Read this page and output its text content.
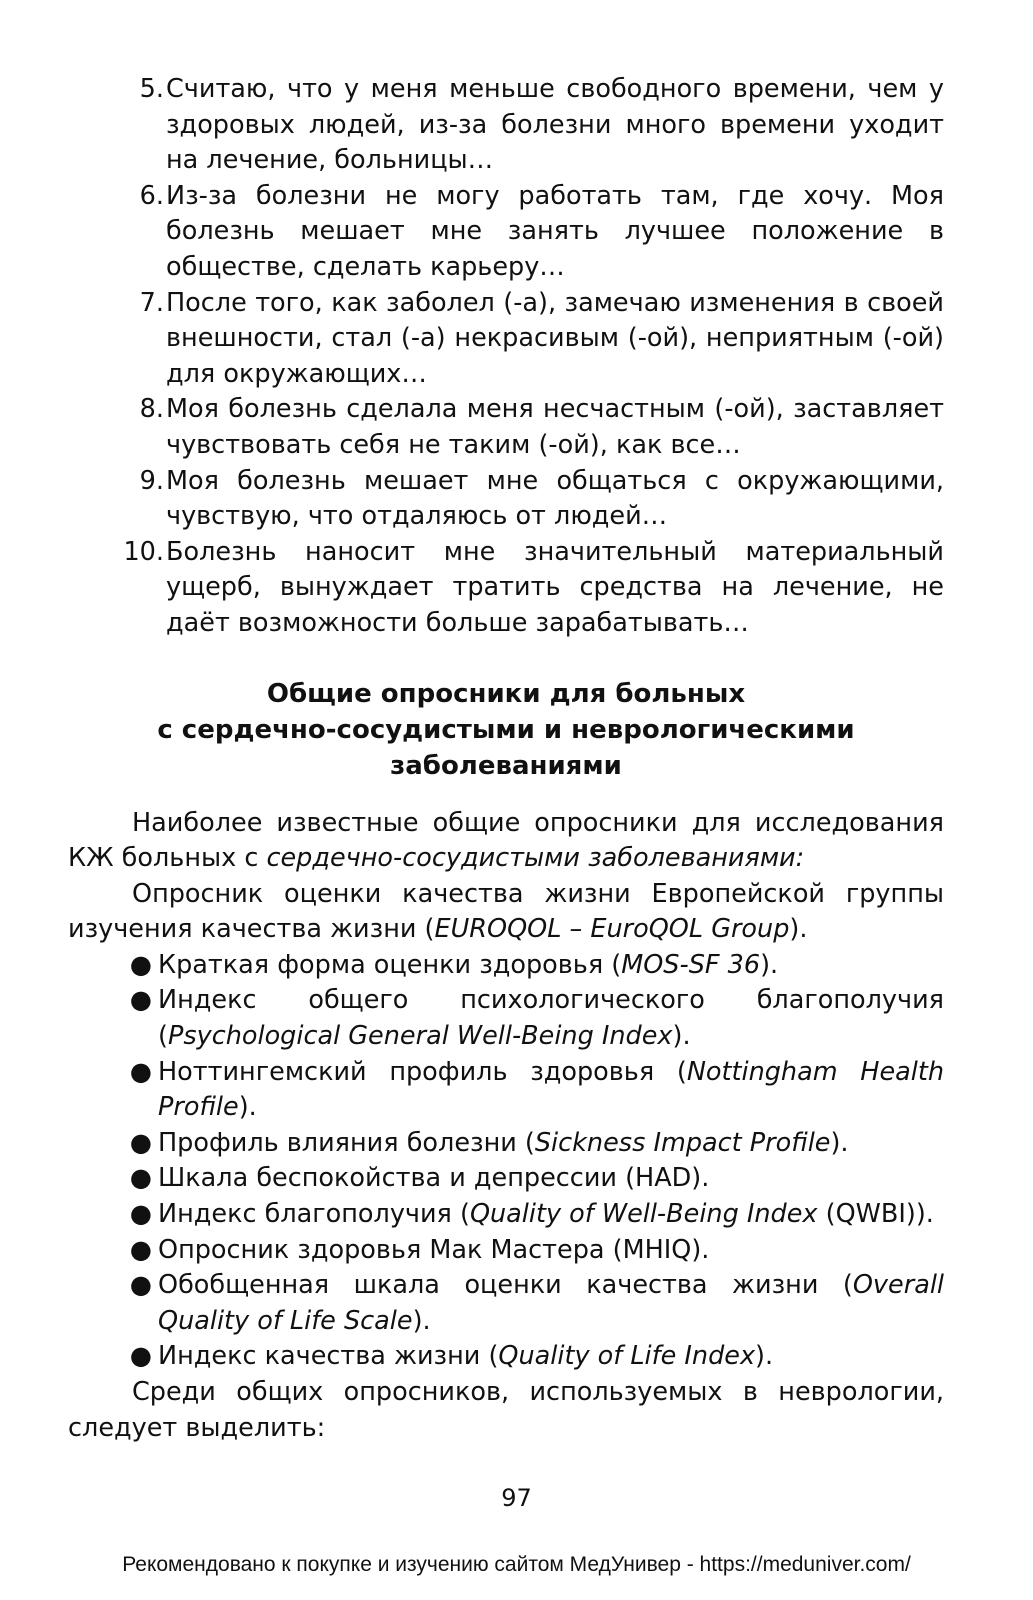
5. Считаю, что у меня меньше свободного времени, чем у здоровых людей, из-за болезни много времени уходит на лечение, больницы…
6. Из-за болезни не могу работать там, где хочу. Моя болезнь мешает мне занять лучшее положение в обществе, сделать карьеру…
7. После того, как заболел (-а), замечаю изменения в своей внешности, стал (-а) некрасивым (-ой), неприятным (-ой) для окружающих…
8. Моя болезнь сделала меня несчастным (-ой), заставляет чувствовать себя не таким (-ой), как все…
9. Моя болезнь мешает мне общаться с окружающими, чувствую, что отдаляюсь от людей…
10. Болезнь наносит мне значительный материальный ущерб, вынуждает тратить средства на лечение, не даёт возможности больше зарабатывать…
Общие опросники для больных
с сердечно-сосудистыми и неврологическими
заболеваниями
Наиболее известные общие опросники для исследования КЖ больных с сердечно-сосудистыми заболеваниями:
Опросник оценки качества жизни Европейской группы изучения качества жизни (EUROQOL – EuroQOL Group).
● Краткая форма оценки здоровья (MOS-SF 36).
● Индекс общего психологического благополучия (Psychological General Well-Being Index).
● Ноттингемский профиль здоровья (Nottingham Health Profile).
● Профиль влияния болезни (Sickness Impact Profile).
● Шкала беспокойства и депрессии (HAD).
● Индекс благополучия (Quality of Well-Being Index (QWBI)).
● Опросник здоровья Мак Мастера (MHIQ).
● Обобщенная шкала оценки качества жизни (Overall Quality of Life Scale).
● Индекс качества жизни (Quality of Life Index).
Среди общих опросников, используемых в неврологии, следует выделить:
97
Рекомендовано к покупке и изучению сайтом МедУнивер - https://meduniver.com/
